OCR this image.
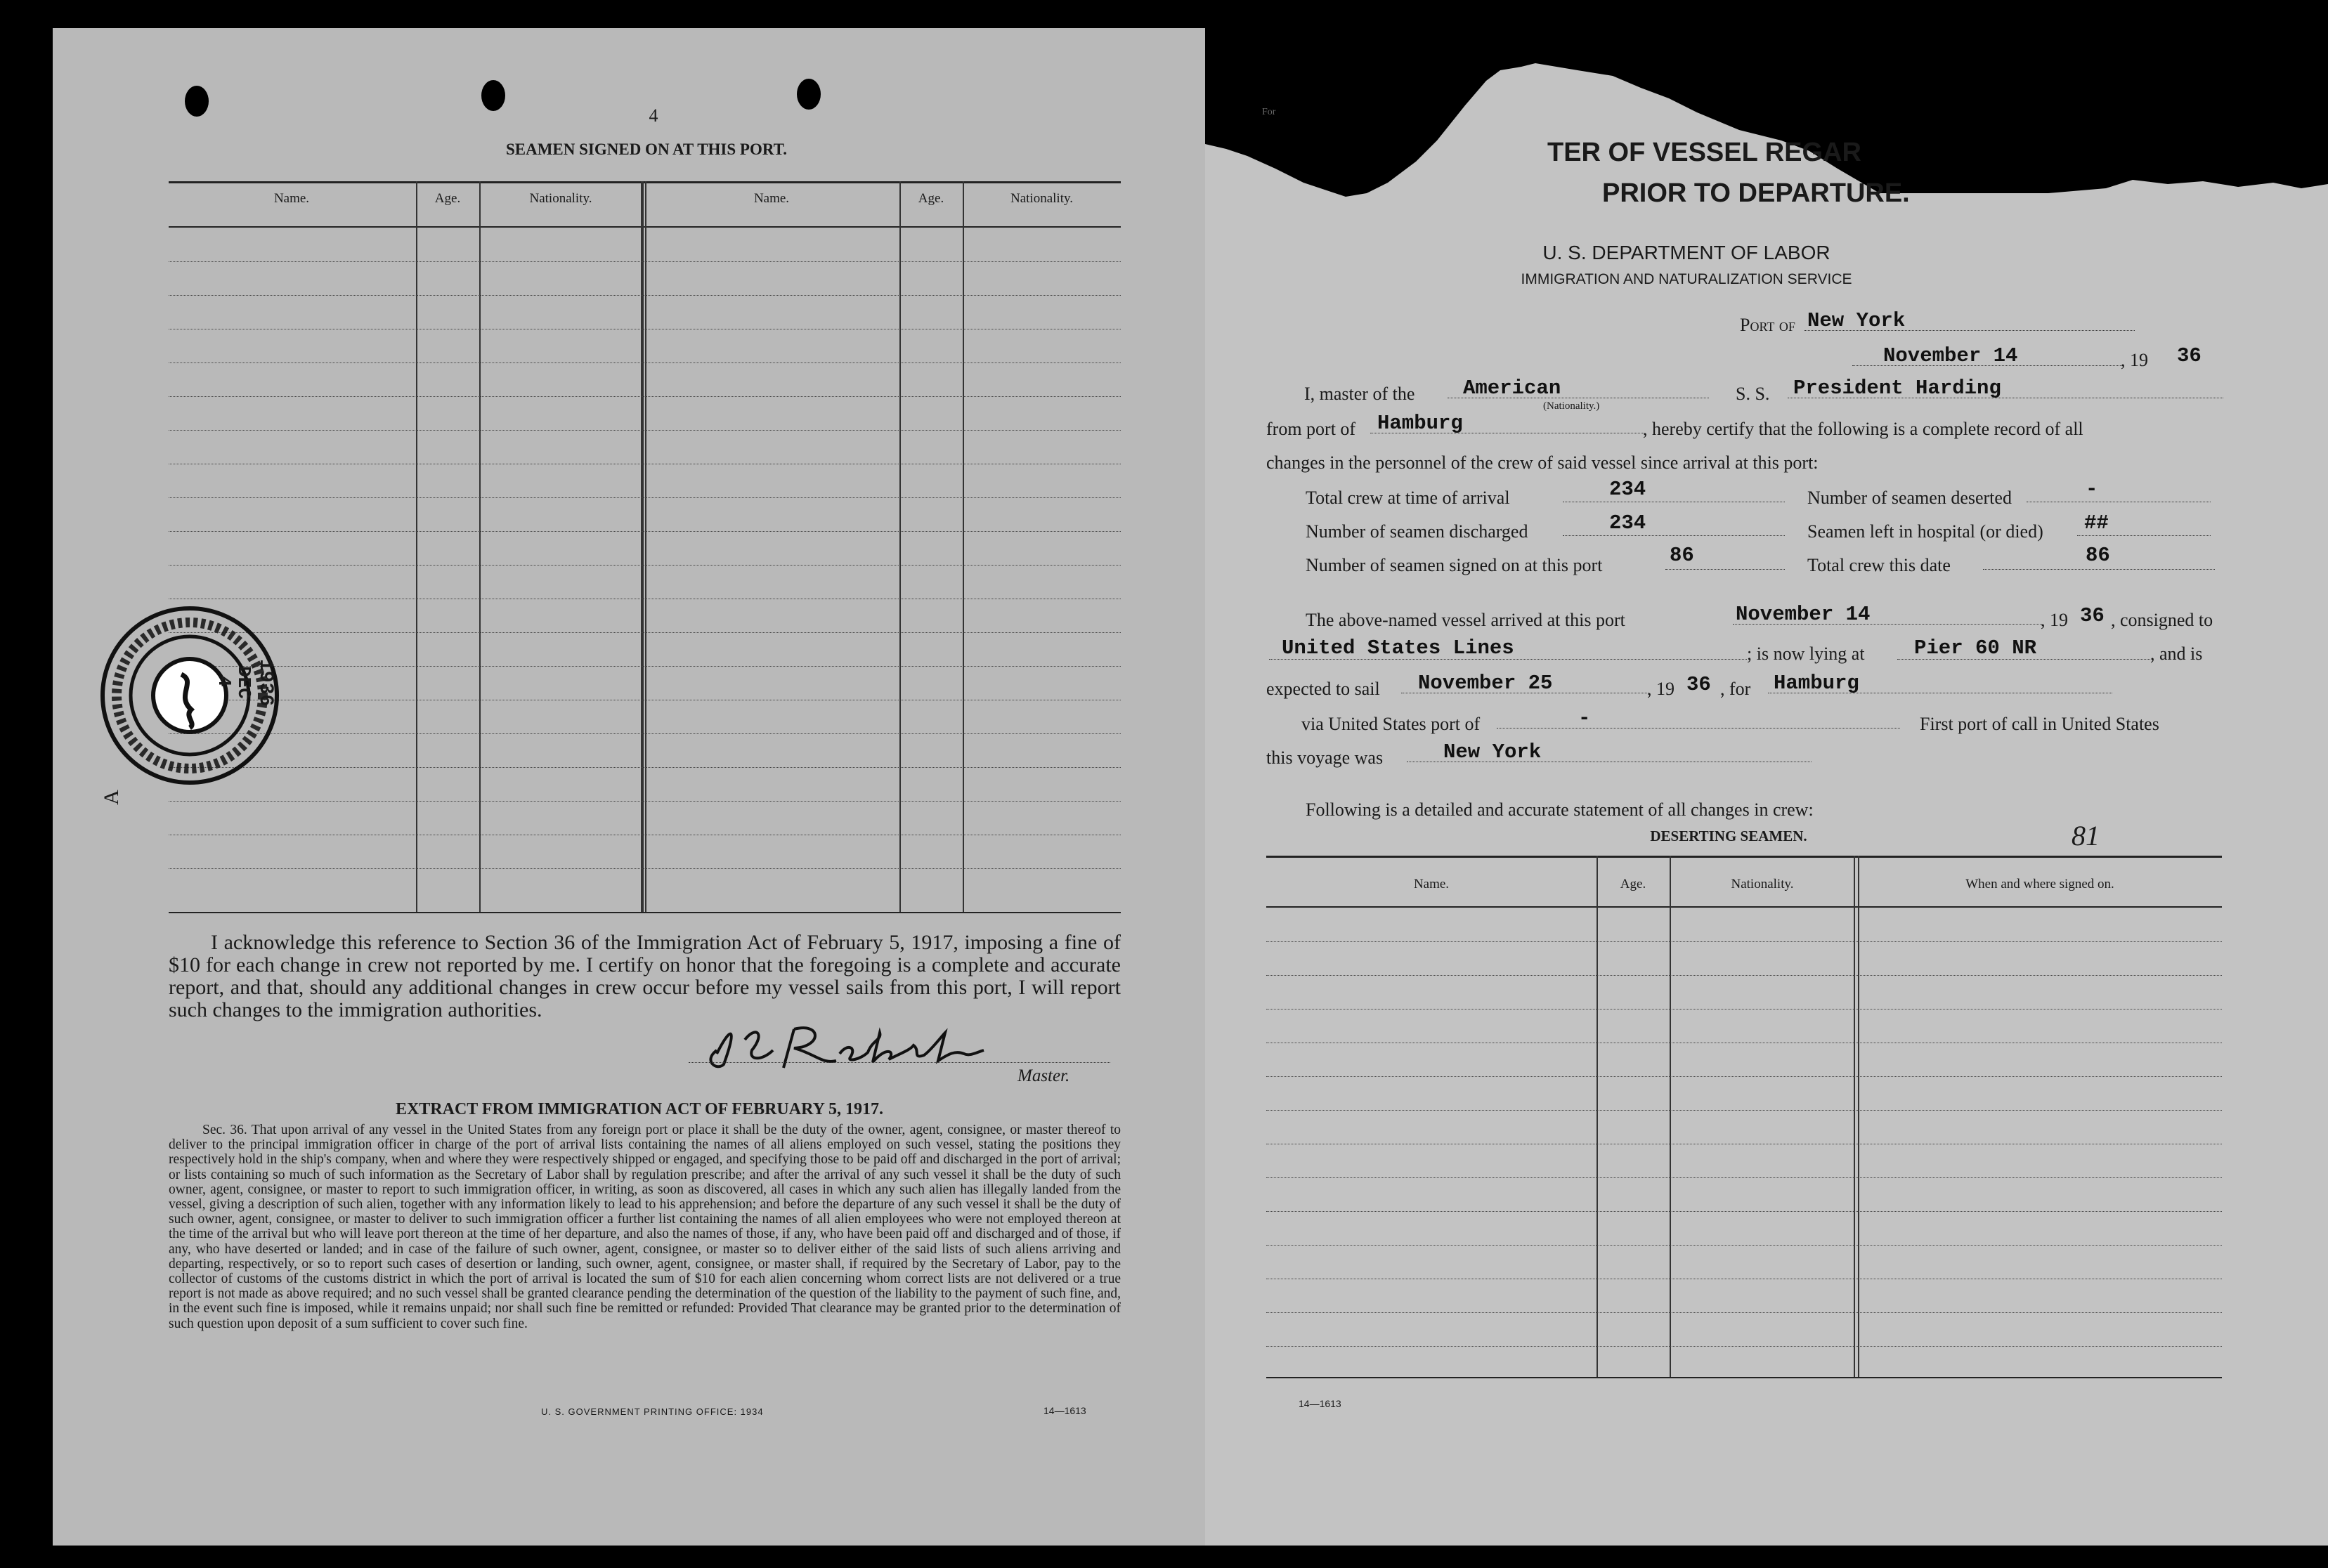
4
SEAMEN SIGNED ON AT THIS PORT.
Name.	Age.	Nationality.	Name.	Age.	Nationality.
1936
DEC
4
A
I acknowledge this reference to Section 36 of the Immigration Act of February 5, 1917, imposing a fine of $10 for each change in crew not reported by me. I certify on honor that the foregoing is a complete and accurate report, and that, should any additional changes in crew occur before my vessel sails from this port, I will report such changes to the immigration authorities.
Master.
EXTRACT FROM IMMIGRATION ACT OF FEBRUARY 5, 1917.
Sec. 36. That upon arrival of any vessel in the United States from any foreign port or place it shall be the duty of the owner, agent, consignee, or master thereof to deliver to the principal immigration officer in charge of the port of arrival lists containing the names of all aliens employed on such vessel, stating the positions they respectively hold in the ship's company, when and where they were respectively shipped or engaged, and specifying those to be paid off and discharged in the port of arrival; or lists containing so much of such information as the Secretary of Labor shall by regulation prescribe; and after the arrival of any such vessel it shall be the duty of such owner, agent, consignee, or master to report to such immigration officer, in writing, as soon as discovered, all cases in which any such alien has illegally landed from the vessel, giving a description of such alien, together with any information likely to lead to his apprehension; and before the departure of any such vessel it shall be the duty of such owner, agent, consignee, or master to deliver to such immigration officer a further list containing the names of all alien employees who were not employed thereon at the time of the arrival but who will leave port thereon at the time of her departure, and also the names of those, if any, who have been paid off and discharged and of those, if any, who have deserted or landed; and in case of the failure of such owner, agent, consignee, or master so to deliver either of the said lists of such aliens arriving and departing, respectively, or so to report such cases of desertion or landing, such owner, agent, consignee, or master shall, if required by the Secretary of Labor, pay to the collector of customs of the customs district in which the port of arrival is located the sum of $10 for each alien concerning whom correct lists are not delivered or a true report is not made as above required; and no such vessel shall be granted clearance pending the determination of the question of the liability to the payment of such fine, and, in the event such fine is imposed, while it remains unpaid; nor shall such fine be remitted or refunded: Provided That clearance may be granted prior to the determination of such question upon deposit of a sum sufficient to cover such fine.
U. S. GOVERNMENT PRINTING OFFICE: 1934	14—1613
For
TER OF VESSEL REGAR
PRIOR TO DEPARTURE.
U. S. DEPARTMENT OF LABOR
IMMIGRATION AND NATURALIZATION SERVICE
Port of New York
November 14	, 19 36
I, master of the American
(Nationality.)
S. S. President Harding
from port of Hamburg	, hereby certify that the following is a complete record of all
changes in the personnel of the crew of said vessel since arrival at this port:
Total crew at time of arrival	234	Number of seamen deserted	-
Number of seamen discharged	234	Seamen left in hospital (or died) ##
Number of seamen signed on at this port	86	Total crew this date	86
The above-named vessel arrived at this port	November 14	, 19 36 , consigned to
United States Lines	; is now lying at Pier 60 NR	, and is
expected to sail November 25	, 19 36 , for Hamburg
via United States port of	-	First port of call in United States
this voyage was	New York
Following is a detailed and accurate statement of all changes in crew:
DESERTING SEAMEN.	81
Name.	Age.	Nationality.	When and where signed on.
14—1613
